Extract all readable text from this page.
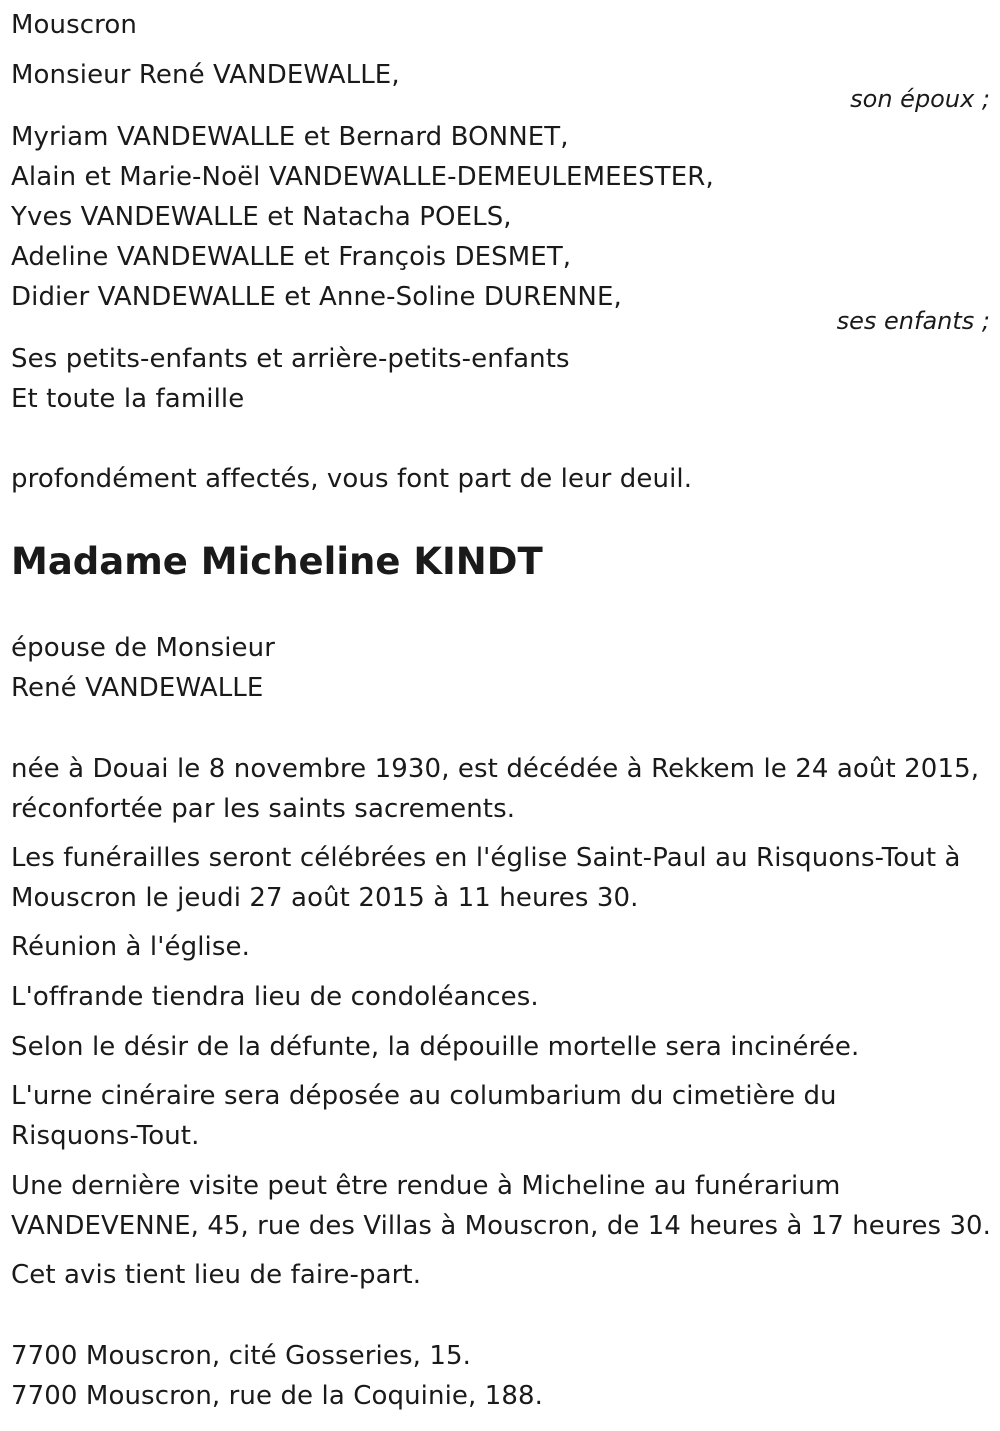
Mouscron
Monsieur René VANDEWALLE,
son époux ;
Myriam VANDEWALLE et Bernard BONNET,
Alain et Marie-Noël VANDEWALLE-DEMEULEMEESTER,
Yves VANDEWALLE et Natacha POELS,
Adeline VANDEWALLE et François DESMET,
Didier VANDEWALLE et Anne-Soline DURENNE,
ses enfants ;
Ses petits-enfants et arrière-petits-enfants
Et toute la famille
profondément affectés, vous font part de leur deuil.
Madame Micheline KINDT
épouse de Monsieur
René VANDEWALLE
née à Douai le 8 novembre 1930, est décédée à Rekkem le 24 août 2015,
réconfortée par les saints sacrements.
Les funérailles seront célébrées en l'église Saint-Paul au Risquons-Tout à
Mouscron le jeudi 27 août 2015 à 11 heures 30.
Réunion à l'église.
L'offrande tiendra lieu de condoléances.
Selon le désir de la défunte, la dépouille mortelle sera incinérée.
L'urne cinéraire sera déposée au columbarium du cimetière du
Risquons-Tout.
Une dernière visite peut être rendue à Micheline au funérarium
VANDEVENNE, 45, rue des Villas à Mouscron, de 14 heures à 17 heures 30.
Cet avis tient lieu de faire-part.
7700 Mouscron, cité Gosseries, 15.
7700 Mouscron, rue de la Coquinie, 188.
